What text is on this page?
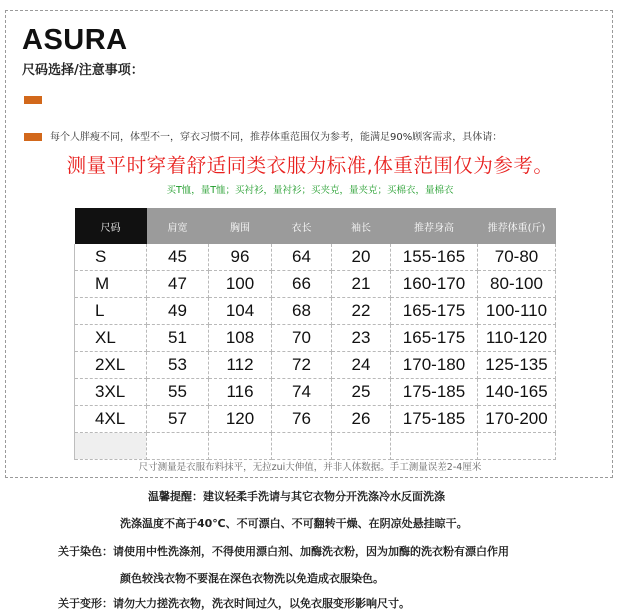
ASURA
尺码选择/注意事项：
每个人胖瘦不同，体型不一，穿衣习惯不同，推荐体重范围仅为参考，能满足90%顾客需求，具体请：
测量平时穿着舒适同类衣服为标准,体重范围仅为参考。
买T恤，量T恤；买衬衫，量衬衫；买夹克，量夹克；买棉衣，量棉衣
尺码	肩宽	胸围	衣长	袖长	推荐身高	推荐体重(斤)
S	45	96	64	20	155-165	70-80
M	47	100	66	21	160-170	80-100
L	49	104	68	22	165-175	100-110
XL	51	108	70	23	165-175	110-120
2XL	53	112	72	24	170-180	125-135
3XL	55	116	74	25	175-185	140-165
4XL	57	120	76	26	175-185	170-200

尺寸测量是衣服布料抹平，无拉zui大伸值，并非人体数据。手工测量误差2-4厘米
温馨提醒：建议轻柔手洗请与其它衣物分开洗涤冷水反面洗涤
洗涤温度不高于40℃、不可漂白、不可翻转干燥、在阴凉处悬挂晾干。
关于染色：请使用中性洗涤剂，不得使用漂白剂、加酶洗衣粉，因为加酶的洗衣粉有漂白作用
颜色较浅衣物不要混在深色衣物洗以免造成衣服染色。
关于变形：请勿大力搓洗衣物，洗衣时间过久，以免衣服变形影响尺寸。
